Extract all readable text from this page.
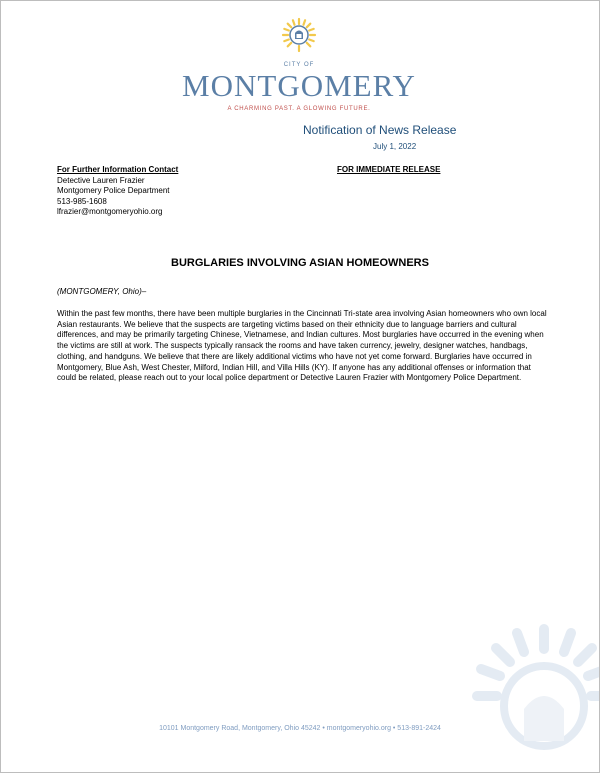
CITY OF
MONTGOMERY
A CHARMING PAST. A GLOWING FUTURE.
Notification of News Release
July 1, 2022
For Further Information Contact
Detective Lauren Frazier
Montgomery Police Department
513-985-1608
lfrazier@montgomeryohio.org
FOR IMMEDIATE RELEASE
BURGLARIES INVOLVING ASIAN HOMEOWNERS
(MONTGOMERY, Ohio)–
Within the past few months, there have been multiple burglaries in the Cincinnati Tri-state area involving Asian homeowners who own local Asian restaurants. We believe that the suspects are targeting victims based on their ethnicity due to language barriers and cultural differences, and may be primarily targeting Chinese, Vietnamese, and Indian cultures. Most burglaries have occurred in the evening when the victims are still at work. The suspects typically ransack the rooms and have taken currency, jewelry, designer watches, handbags, clothing, and handguns. We believe that there are likely additional victims who have not yet come forward. Burglaries have occurred in Montgomery, Blue Ash, West Chester, Milford, Indian Hill, and Villa Hills (KY). If anyone has any additional offenses or information that could be related, please reach out to your local police department or Detective Lauren Frazier with Montgomery Police Department.
10101 Montgomery Road, Montgomery, Ohio 45242 • montgomeryohio.org • 513-891-2424
